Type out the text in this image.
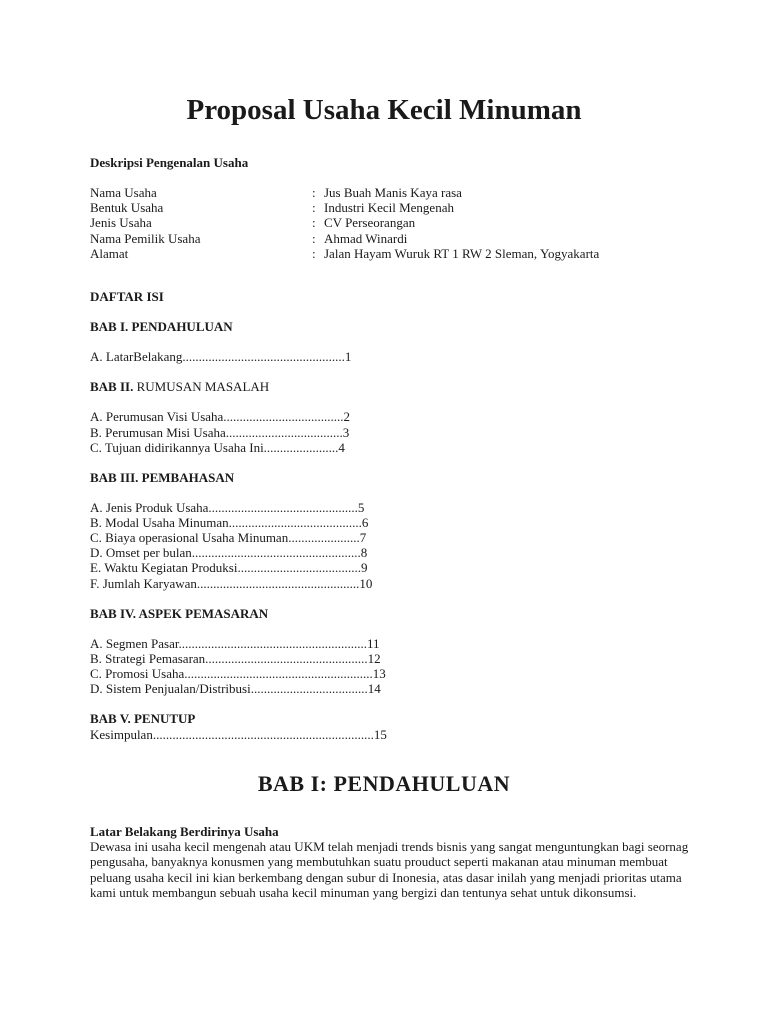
Proposal Usaha Kecil Minuman
Deskripsi Pengenalan Usaha
Nama Usaha	: Jus Buah Manis Kaya rasa
Bentuk Usaha	: Industri Kecil Mengenah
Jenis Usaha	: CV Perseorangan
Nama Pemilik Usaha	: Ahmad Winardi
Alamat	: Jalan Hayam Wuruk RT 1 RW 2 Sleman, Yogyakarta
DAFTAR ISI
BAB I. PENDAHULUAN
A. LatarBelakang..................................................1
BAB II. RUMUSAN MASALAH
A. Perumusan Visi Usaha.....................................2
B. Perumusan Misi Usaha....................................3
C. Tujuan didirikannya Usaha Ini.......................4
BAB III. PEMBAHASAN
A. Jenis Produk Usaha..............................................5
B. Modal Usaha Minuman.........................................6
C. Biaya operasional Usaha Minuman......................7
D. Omset per bulan....................................................8
E. Waktu Kegiatan Produksi......................................9
F. Jumlah Karyawan..................................................10
BAB IV. ASPEK PEMASARAN
A. Segmen Pasar..........................................................11
B. Strategi Pemasaran..................................................12
C. Promosi Usaha..........................................................13
D. Sistem Penjualan/Distribusi....................................14
BAB V. PENUTUP
Kesimpulan....................................................................15
BAB I: PENDAHULUAN
Latar Belakang Berdirinya Usaha
Dewasa ini usaha kecil mengenah atau UKM telah menjadi trends bisnis yang sangat menguntungkan bagi seornag pengusaha, banyaknya konusmen yang membutuhkan suatu prouduct seperti makanan atau minuman membuat peluang usaha kecil ini kian berkembang dengan subur di Inonesia, atas dasar inilah yang menjadi prioritas utama kami untuk membangun sebuah usaha kecil minuman yang bergizi dan tentunya sehat untuk dikonsumsi.
